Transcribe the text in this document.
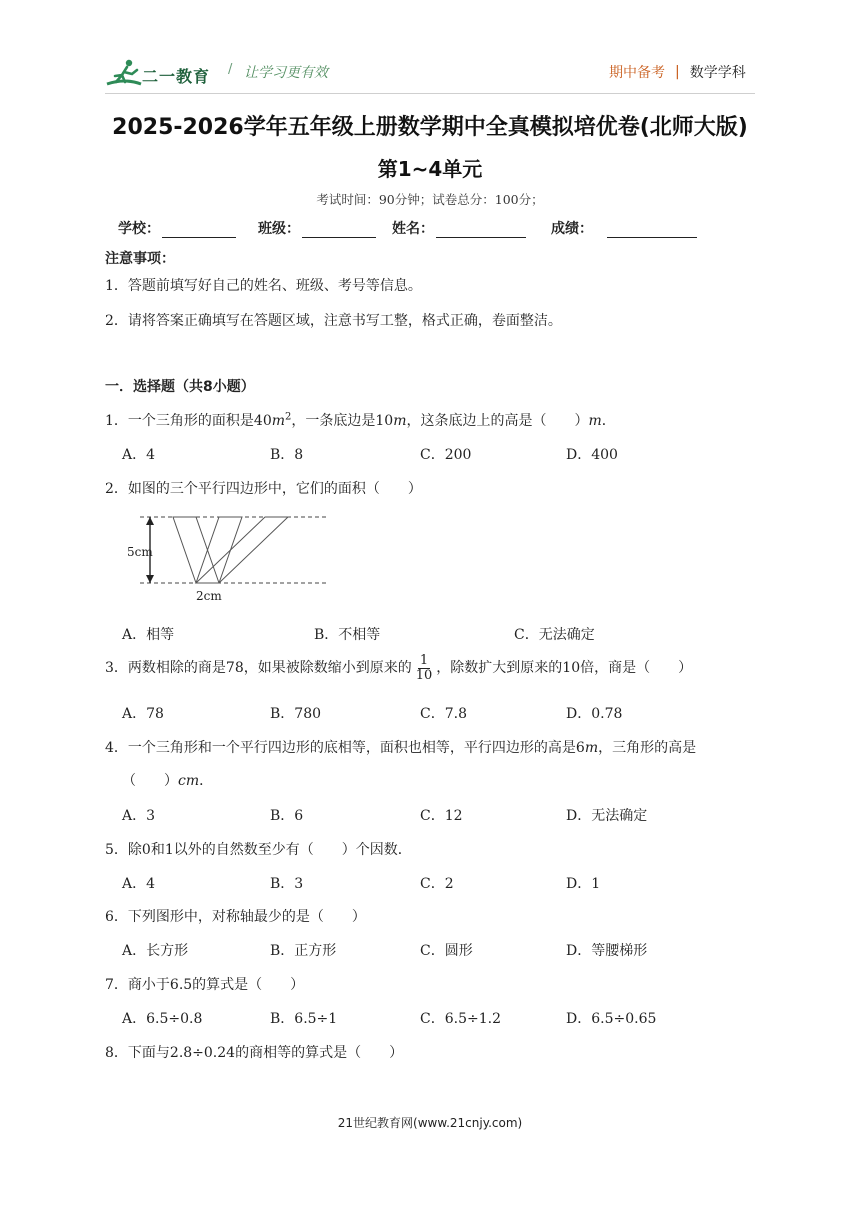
二一教育 / 让学习更有效	期中备考 | 数学学科
2025-2026学年五年级上册数学期中全真模拟培优卷(北师大版)
第1~4单元
考试时间：90分钟；试卷总分：100分；
学校：	班级：	姓名：	成绩：
注意事项：
1．答题前填写好自己的姓名、班级、考号等信息。
2．请将答案正确填写在答题区域，注意书写工整，格式正确，卷面整洁。
一．选择题（共8小题）
1．一个三角形的面积是$40m^2$，一条底边是10m，这条底边上的高是（　　）m．
A．4	B．8	C．200	D．400
2．如图的三个平行四边形中，它们的面积（　　）
5cm
2cm
A．相等	B．不相等	C．无法确定
3．两数相除的商是78，如果被除数缩小到原来的 $\frac{1}{10}$ ，除数扩大到原来的10倍，商是（　　）
A．78	B．780	C．7.8	D．0.78
4．一个三角形和一个平行四边形的底相等，面积也相等，平行四边形的高是6m，三角形的高是
（　　）cm．
A．3	B．6	C．12	D．无法确定
5．除0和1以外的自然数至少有（　　）个因数．
A．4	B．3	C．2	D．1
6．下列图形中，对称轴最少的是（　　）
A．长方形	B．正方形	C．圆形	D．等腰梯形
7．商小于6.5的算式是（　　）
A．6.5÷0.8	B．6.5÷1	C．6.5÷1.2	D．6.5÷0.65
8．下面与2.8÷0.24的商相等的算式是（　　）
21世纪教育网(www.21cnjy.com)
